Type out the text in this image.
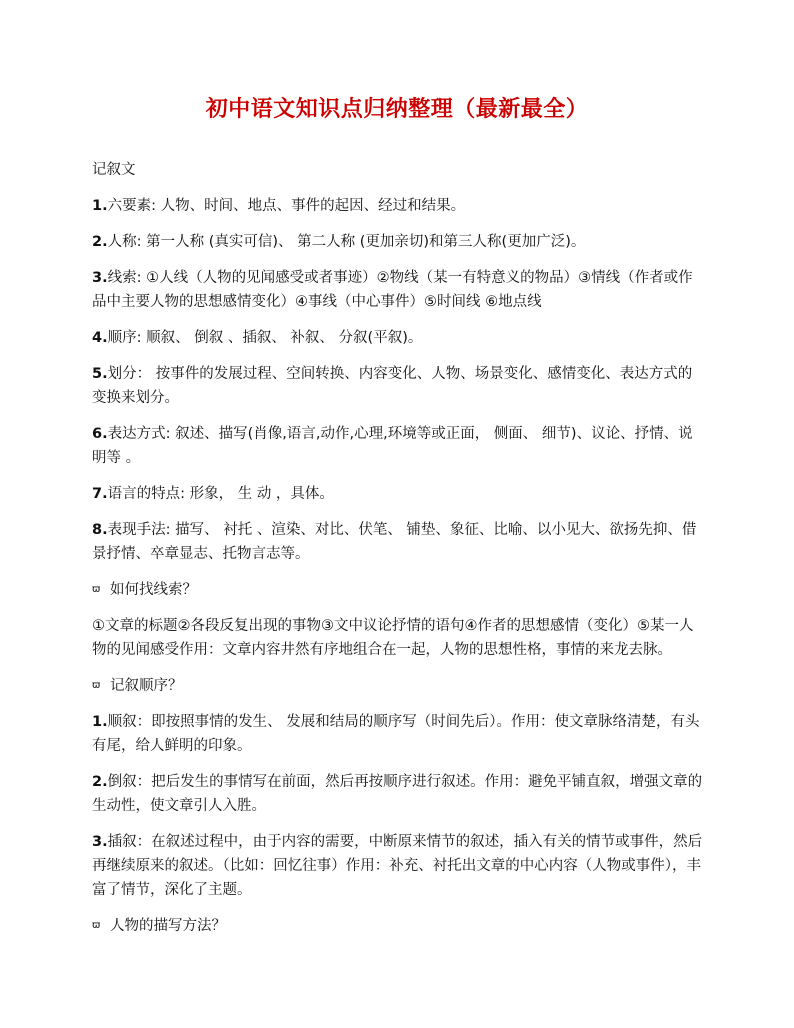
初中语文知识点归纳整理（最新最全）
记叙文
1.六要素: 人物、时间、地点、事件的起因、经过和结果。
2.人称: 第一人称 (真实可信)、 第二人称 (更加亲切)和第三人称(更加广泛)。
3.线索: ①人线（人物的见闻感受或者事迹）②物线（某一有特意义的物品）③情线（作者或作品中主要人物的思想感情变化）④事线（中心事件）⑤时间线 ⑥地点线
4.顺序: 顺叙、 倒叙 、插叙、 补叙、 分叙(平叙)。
5.划分： 按事件的发展过程、空间转换、内容变化、人物、场景变化、感情变化、表达方式的变换来划分。
6.表达方式: 叙述、描写(肖像,语言,动作,心理,环境等或正面， 侧面、 细节)、议论、抒情、说明等 。
7.语言的特点: 形象， 生 动 ，具体。
8.表现手法: 描写、 衬托 、渲染、对比、伏笔、 铺垫、象征、比喻、以小见大、欲扬先抑、借景抒情、卒章显志、托物言志等。
ϖ 如何找线索？
①文章的标题②各段反复出现的事物③文中议论抒情的语句④作者的思想感情（变化）⑤某一人物的见闻感受作用：文章内容井然有序地组合在一起，人物的思想性格，事情的来龙去脉。
ϖ 记叙顺序？
1.顺叙：即按照事情的发生、 发展和结局的顺序写（时间先后）。作用：使文章脉络清楚，有头有尾，给人鲜明的印象。
2.倒叙：把后发生的事情写在前面，然后再按顺序进行叙述。作用：避免平铺直叙，增强文章的生动性，使文章引人入胜。
3.插叙：在叙述过程中，由于内容的需要，中断原来情节的叙述，插入有关的情节或事件，然后再继续原来的叙述。（比如：回忆往事）作用：补充、衬托出文章的中心内容（人物或事件），丰富了情节，深化了主题。
ϖ 人物的描写方法？
